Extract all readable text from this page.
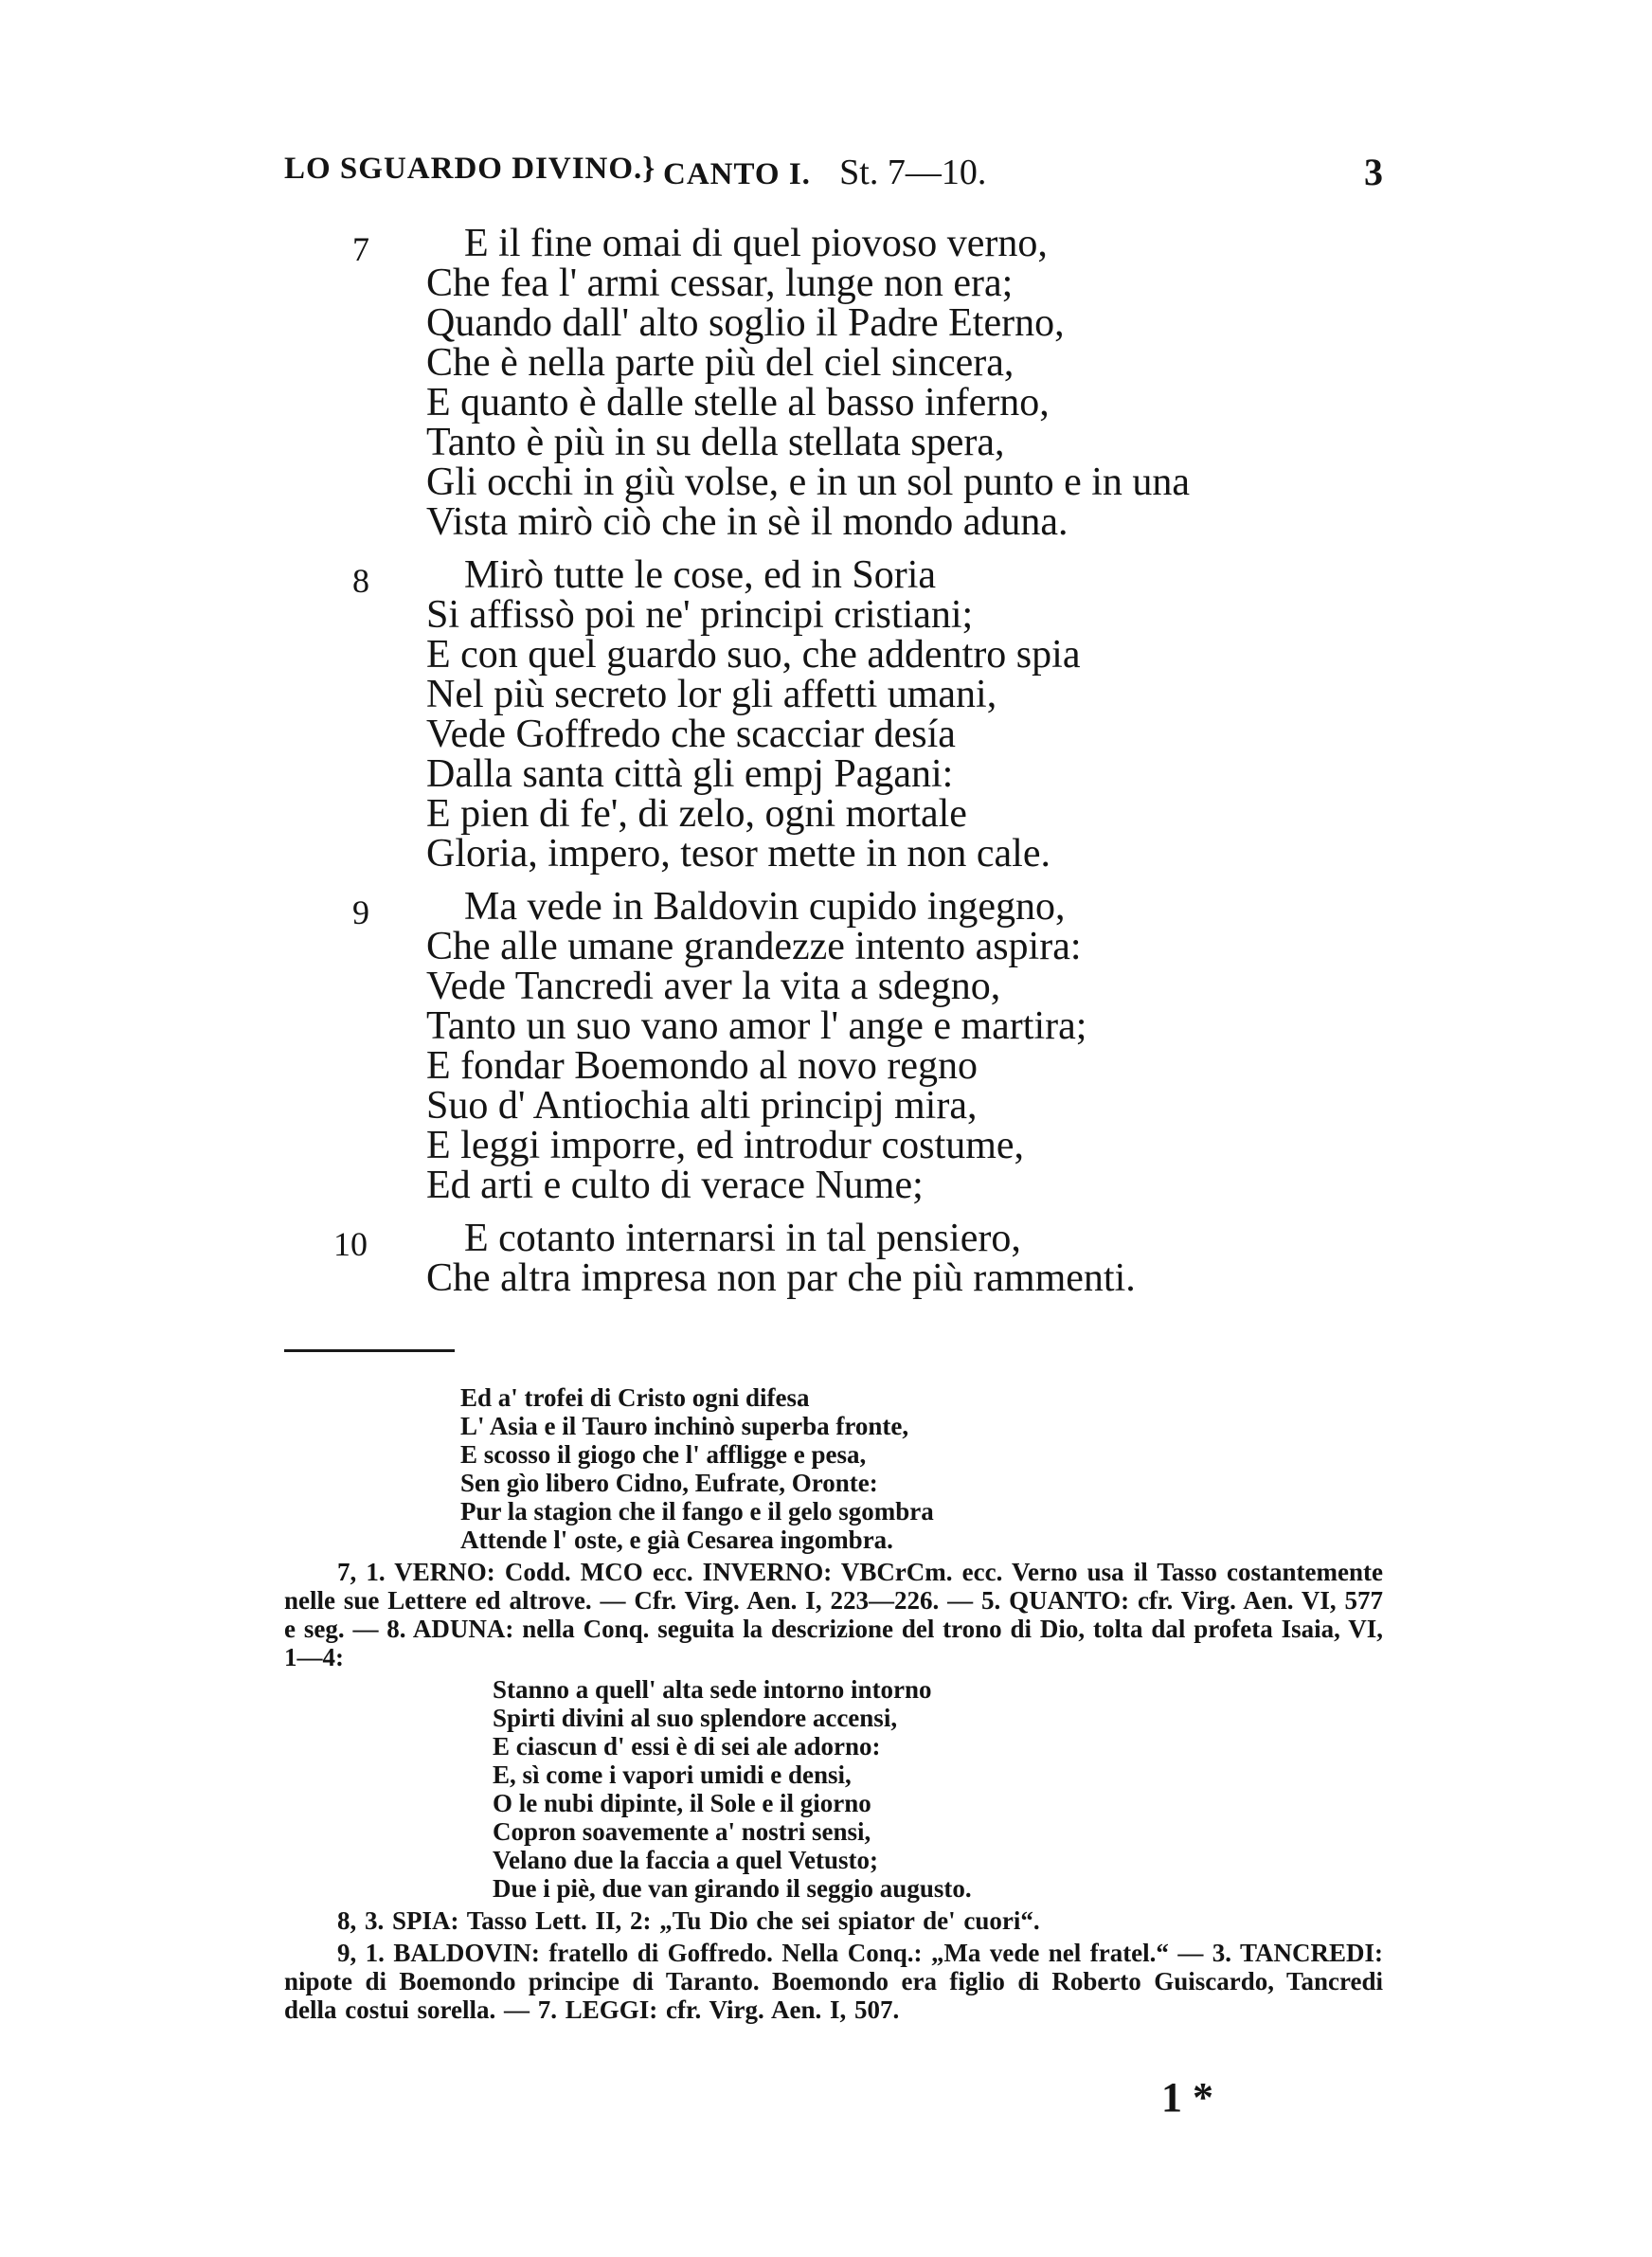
LO SGUARDO DIVINO.} CANTO I. St. 7—10.	3
7	E il fine omai di quel piovoso verno,
Che fea l' armi cessar, lunge non era;
Quando dall' alto soglio il Padre Eterno,
Che è nella parte più del ciel sincera,
E quanto è dalle stelle al basso inferno,
Tanto è più in su della stellata spera,
Gli occhi in giù volse, e in un sol punto e in una
Vista mirò ciò che in sè il mondo aduna.
8	Mirò tutte le cose, ed in Soria
Si affissò poi ne' principi cristiani;
E con quel guardo suo, che addentro spia
Nel più secreto lor gli affetti umani,
Vede Goffredo che scacciar desía
Dalla santa città gli empj Pagani:
E pien di fe', di zelo, ogni mortale
Gloria, impero, tesor mette in non cale.
9	Ma vede in Baldovin cupido ingegno,
Che alle umane grandezze intento aspira:
Vede Tancredi aver la vita a sdegno,
Tanto un suo vano amor l' ange e martira;
E fondar Boemondo al novo regno
Suo d' Antiochia alti principj mira,
E leggi imporre, ed introdur costume,
Ed arti e culto di verace Nume;
10	E cotanto internarsi in tal pensiero,
Che altra impresa non par che più rammenti.
Ed a' trofei di Cristo ogni difesa
L' Asia e il Tauro inchinò superba fronte,
E scosso il giogo che l' affligge e pesa,
Sen gìo libero Cidno, Eufrate, Oronte:
Pur la stagion che il fango e il gelo sgombra
Attende l' oste, e già Cesarea ingombra.
7, 1. VERNO: Codd. MCO ecc. INVERNO: VBCrCm. ecc. Verno usa il Tasso costantemente nelle sue Lettere ed altrove. — Cfr. Virg. Aen. I, 223—226. — 5. QUANTO: cfr. Virg. Aen. VI, 577 e seg. — 8. ADUNA: nella Conq. seguita la descrizione del trono di Dio, tolta dal profeta Isaia, VI, 1—4:
Stanno a quell' alta sede intorno intorno
Spirti divini al suo splendore accensi,
E ciascun d' essi è di sei ale adorno:
E, sì come i vapori umidi e densi,
O le nubi dipinte, il Sole e il giorno
Copron soavemente a' nostri sensi,
Velano due la faccia a quel Vetusto;
Due i piè, due van girando il seggio augusto.
8, 3. SPIA: Tasso Lett. II, 2: „Tu Dio che sei spiator de' cuori“.
9, 1. BALDOVIN: fratello di Goffredo. Nella Conq.: „Ma vede nel fratel.“ — 3. TANCREDI: nipote di Boemondo principe di Taranto. Boemondo era figlio di Roberto Guiscardo, Tancredi della costui sorella. — 7. LEGGI: cfr. Virg. Aen. I, 507.
1 *
